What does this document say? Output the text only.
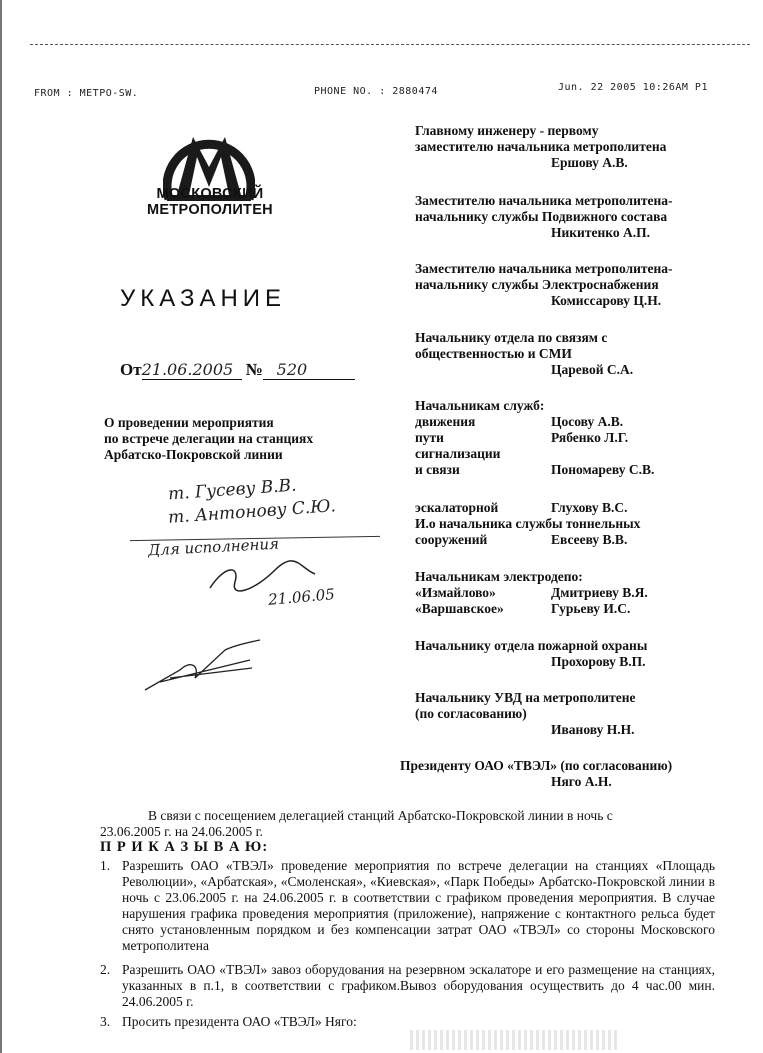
FROM : METPO-SW.	PHONE NO. : 2880474	Jun. 22 2005 10:26AM P1
МОСКОВСКИЙ
МЕТРОПОЛИТЕН
УКАЗАНИЕ
От 21.06.2005 № 520
О проведении мероприятия
по встрече делегации на станциях
Арбатско-Покровской линии
т. Гусеву В.В.
т. Антонову С.Ю.
Для исполнения
21.06.05
Главному инженеру - первому
заместителю начальника метрополитена
Ершову А.В.
Заместителю начальника метрополитена-
начальнику службы Подвижного состава
Никитенко А.П.
Заместителю начальника метрополитена-
начальнику службы Электроснабжения
Комиссарову Ц.Н.
Начальнику отдела по связям с
общественностью и СМИ
Царевой С.А.
Начальникам служб:
движения	Цосову А.В.
пути	Рябенко Л.Г.
сигнализации
и связи	Пономареву С.В.
эскалаторной	Глухову В.С.
И.о начальника службы тоннельных
сооружений	Евсееву В.В.
Начальникам электродепо:
«Измайлово»	Дмитриеву В.Я.
«Варшавское»	Гурьеву И.С.
Начальнику отдела пожарной охраны
Прохорову В.П.
Начальнику УВД на метрополитене
(по согласованию)
Иванову Н.Н.
Президенту ОАО «ТВЭЛ» (по согласованию)
Няго А.Н.
В связи с посещением делегацией станций Арбатско-Покровской линии в ночь с
23.06.2005 г. на 24.06.2005 г.
П Р И К А З Ы В А Ю:
1. Разрешить ОАО «ТВЭЛ» проведение мероприятия по встрече делегации на станциях «Площадь Революции», «Арбатская», «Смоленская», «Киевская», «Парк Победы» Арбатско-Покровской линии в ночь с 23.06.2005 г. на 24.06.2005 г. в соответствии с графиком проведения мероприятия. В случае нарушения графика проведения мероприятия (приложение), напряжение с контактного рельса будет снято установленным порядком и без компенсации затрат ОАО «ТВЭЛ» со стороны Московского метрополитена
2. Разрешить ОАО «ТВЭЛ» завоз оборудования на резервном эскалаторе и его размещение на станциях, указанных в п.1, в соответствии с графиком.Вывоз оборудования осуществить до 4 час.00 мин. 24.06.2005 г.
3. Просить президента ОАО «ТВЭЛ» Няго:
